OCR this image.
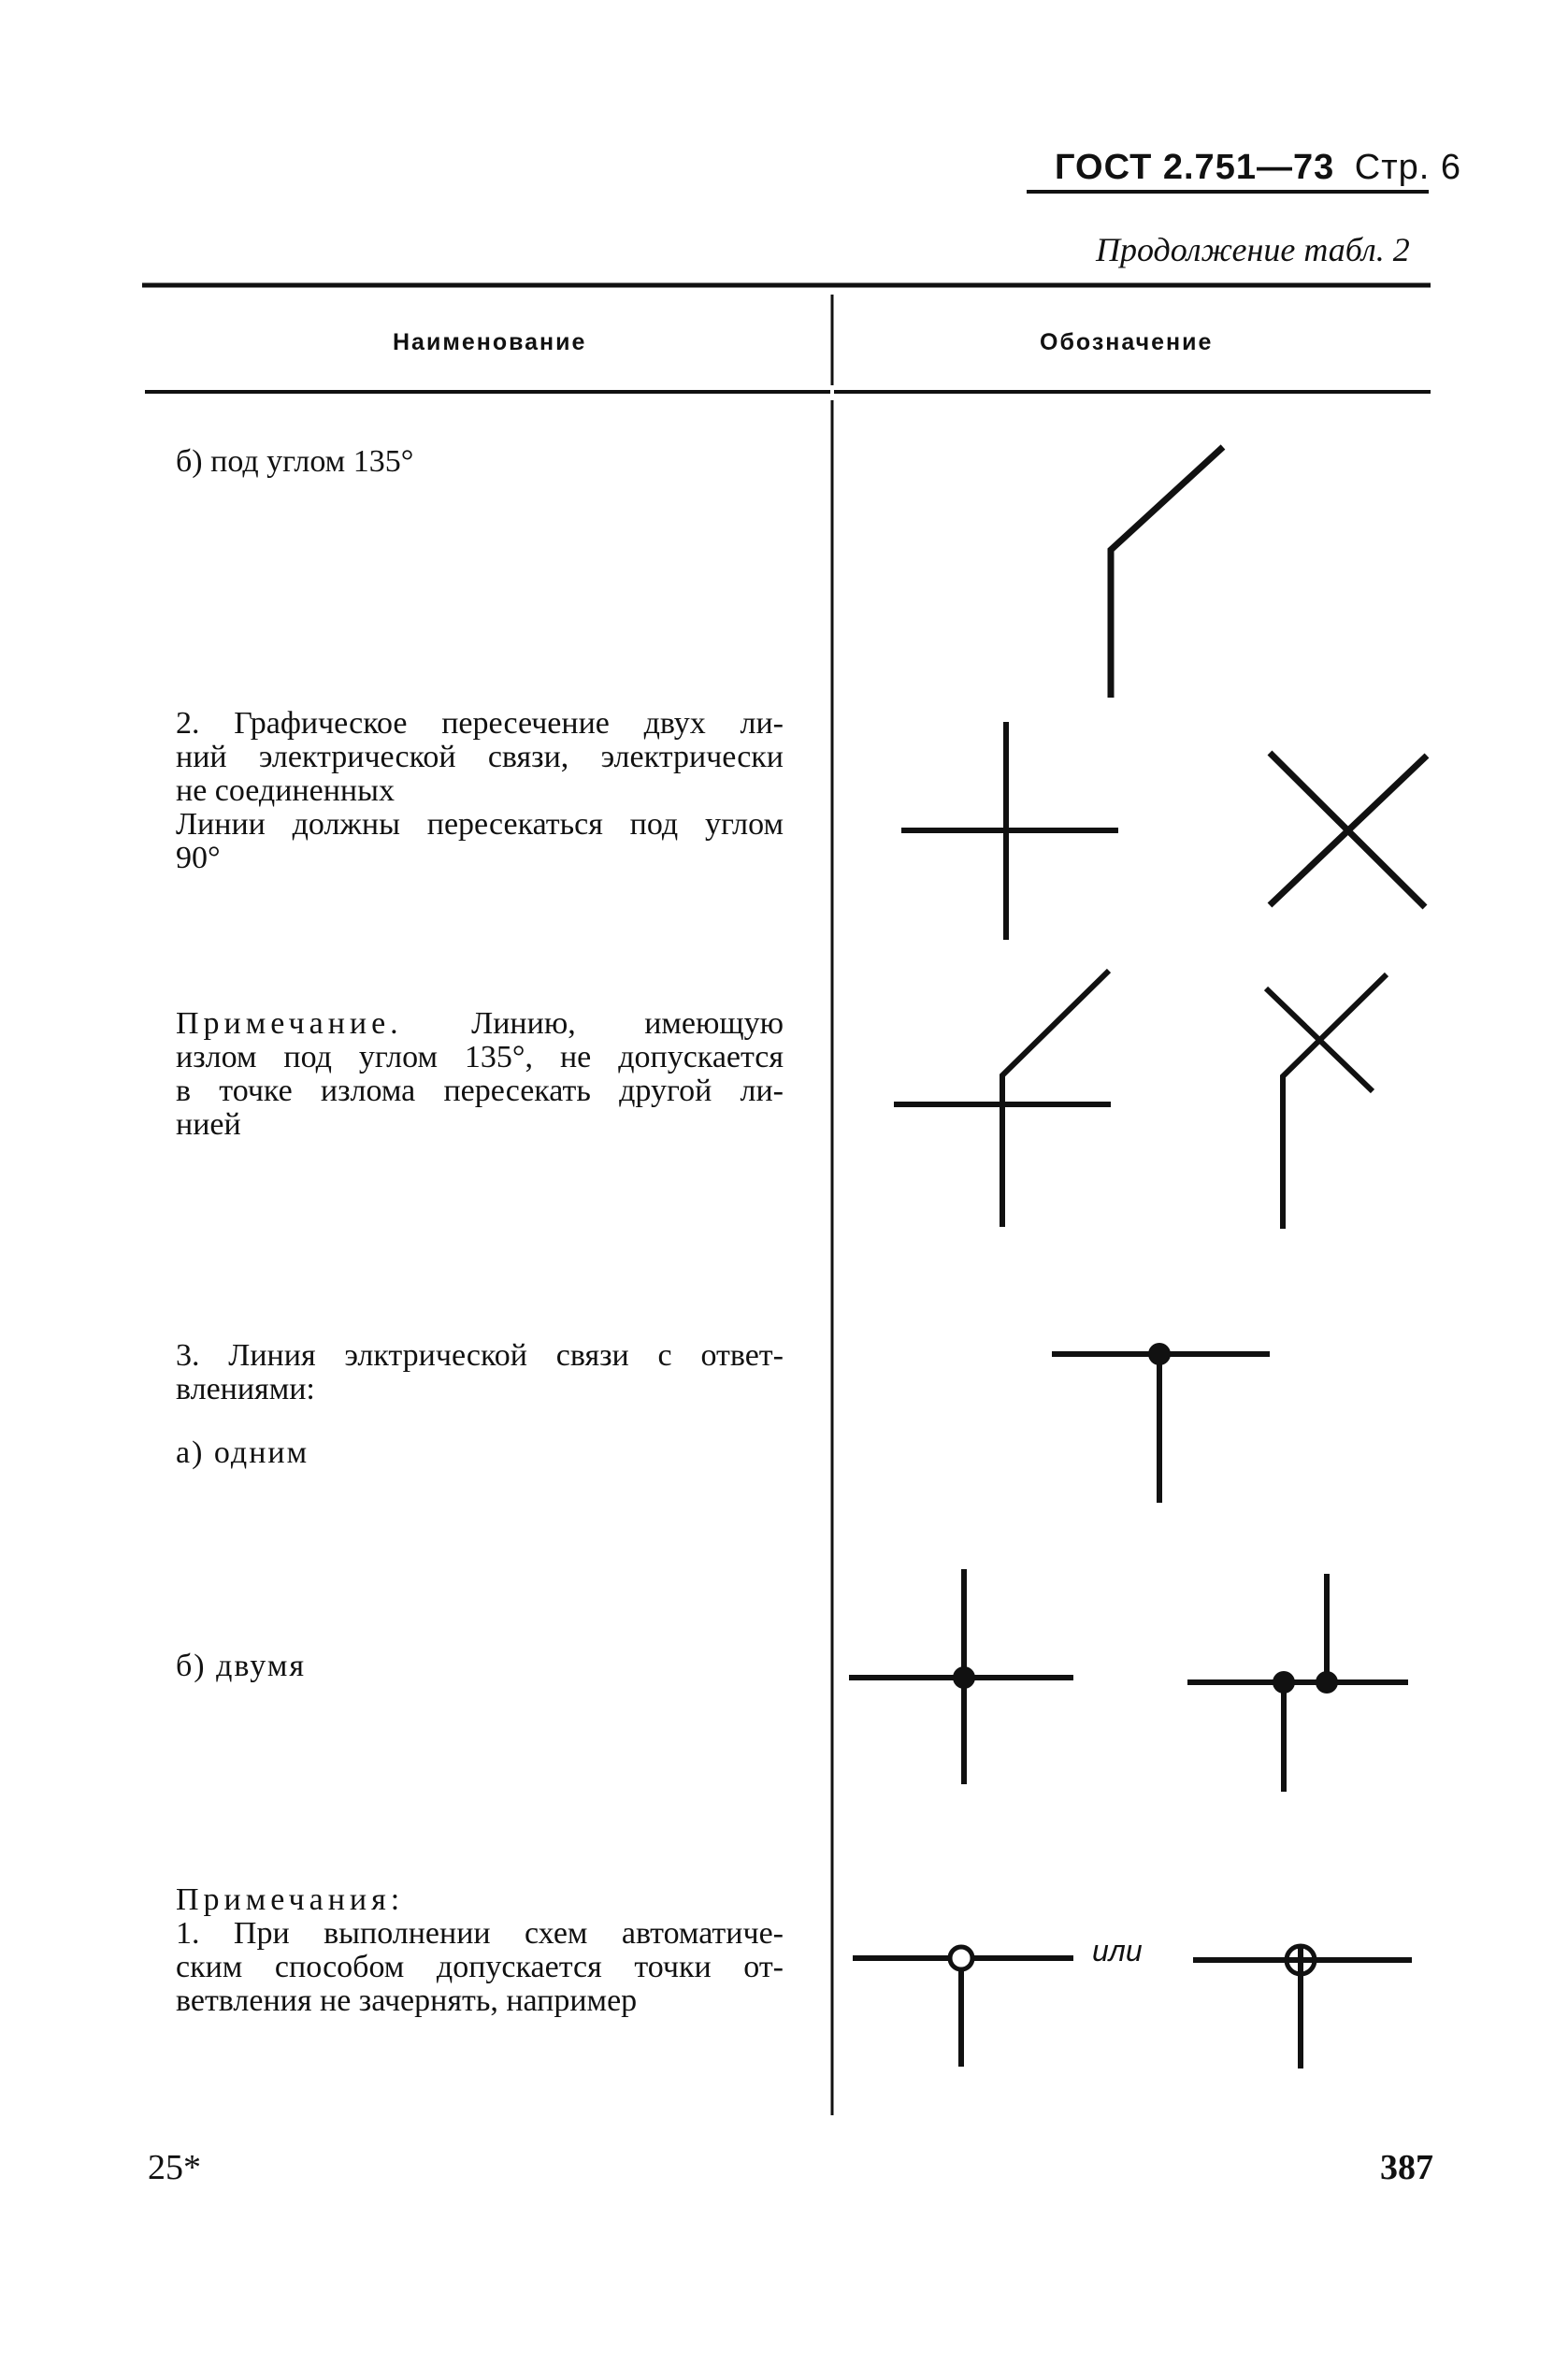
ГОСТ 2.751—73 Стр. 6
Продолжение табл. 2
Наименование	Обозначение
б) под углом 135°

2. Графическое пересечение двух ли-

ний электрической связи, электрически

не соединенных

Линии должны пересекаться под углом

90°

Примечание. Линию, имеющую

излом под углом 135°, не допускается

в точке излома пересекать другой ли-

нией

3. Линия элктрической связи с ответ-

влениями:

а) одним
б) двумя

Примечания:

1. При выполнении схем автоматиче-

ским способом допускается точки от-

ветвления не зачернять, например

или
25*	387
